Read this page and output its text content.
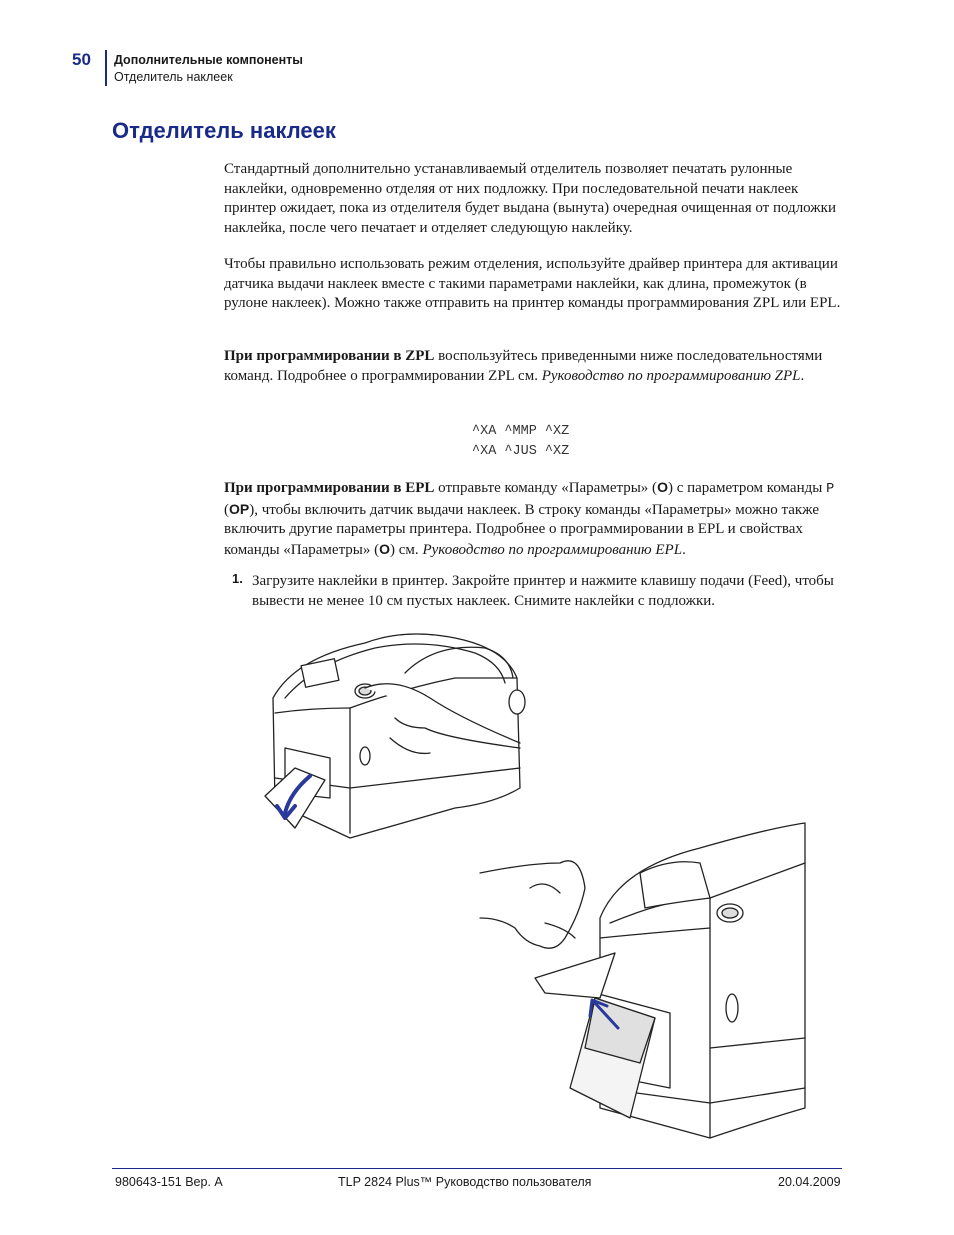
50 Дополнительные компоненты
Отделитель наклеек
Отделитель наклеек

Стандартный дополнительно устанавливаемый отделитель позволяет печатать рулонные наклейки, одновременно отделяя от них подложку. При последовательной печати наклеек принтер ожидает, пока из отделителя будет выдана (вынута) очередная очищенная от подложки наклейка, после чего печатает и отделяет следующую наклейку.

Чтобы правильно использовать режим отделения, используйте драйвер принтера для активации датчика выдачи наклеек вместе с такими параметрами наклейки, как длина, промежуток (в рулоне наклеек). Можно также отправить на принтер команды программирования ZPL или EPL.

При программировании в ZPL воспользуйтесь приведенными ниже последовательностями команд. Подробнее о программировании ZPL см. Руководство по программированию ZPL.

^XA ^MMP ^XZ
^XA ^JUS ^XZ

При программировании в EPL отправьте команду «Параметры» (O) с параметром команды P (OP), чтобы включить датчик выдачи наклеек. В строку команды «Параметры» можно также включить другие параметры принтера. Подробнее о программировании в EPL и свойствах команды «Параметры» (O) см. Руководство по программированию EPL.

1. Загрузите наклейки в принтер. Закройте принтер и нажмите клавишу подачи (Feed), чтобы вывести не менее 10 см пустых наклеек. Снимите наклейки с подложки.
980643-151 Вер. A	TLP 2824 Plus™ Руководство пользователя	20.04.2009
